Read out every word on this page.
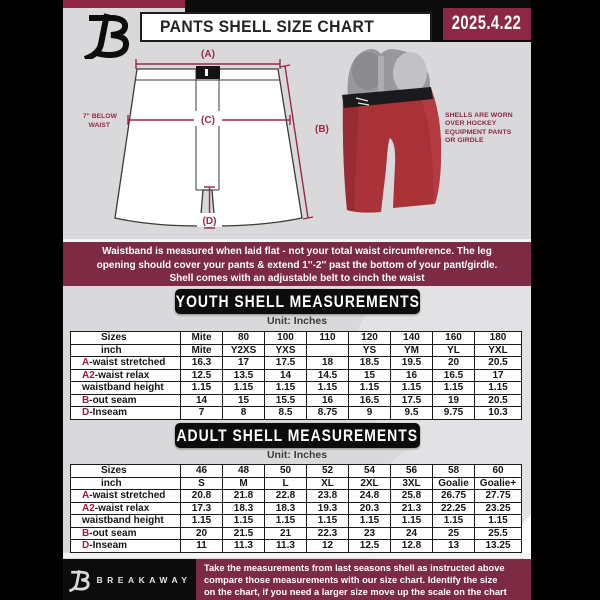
PANTS SHELL SIZE CHART	2025.4.22
(A)
(C)
(B)
(D)
7" BELOW
WAIST
SHELLS ARE WORN
OVER HOCKEY
EQUIPMENT PANTS
OR GIRDLE
Waistband is measured when laid flat - not your total waist circumference. The leg
opening should cover your pants & extend 1''-2'' past the bottom of your pant/girdle.
Shell comes with an adjustable belt to cinch the waist
YOUTH SHELL MEASUREMENTS
Unit: Inches
Sizes	Mite	80	100	110	120	140	160	180
inch	Mite	Y2XS	YXS		YS	YM	YL	YXL
A-waist stretched	16.3	17	17.5	18	18.5	19.5	20	20.5
A2-waist relax	12.5	13.5	14	14.5	15	16	16.5	17
waistband height	1.15	1.15	1.15	1.15	1.15	1.15	1.15	1.15
B-out seam	14	15	15.5	16	16.5	17.5	19	20.5
D-Inseam	7	8	8.5	8.75	9	9.5	9.75	10.3
ADULT SHELL MEASUREMENTS
Unit: Inches
Sizes	46	48	50	52	54	56	58	60
inch	S	M	L	XL	2XL	3XL	Goalie	Goalie+
A-waist stretched	20.8	21.8	22.8	23.8	24.8	25.8	26.75	27.75
A2-waist relax	17.3	18.3	18.3	19.3	20.3	21.3	22.25	23.25
waistband height	1.15	1.15	1.15	1.15	1.15	1.15	1.15	1.15
B-out seam	20	21.5	21	22.3	23	24	25	25.5
D-Inseam	11	11.3	11.3	12	12.5	12.8	13	13.25
BREAKAWAY
Take the measurements from last seasons shell as instructed above
compare those measurements with our size chart. Identify the size
on the chart, if you need a larger size move up the scale on the chart
